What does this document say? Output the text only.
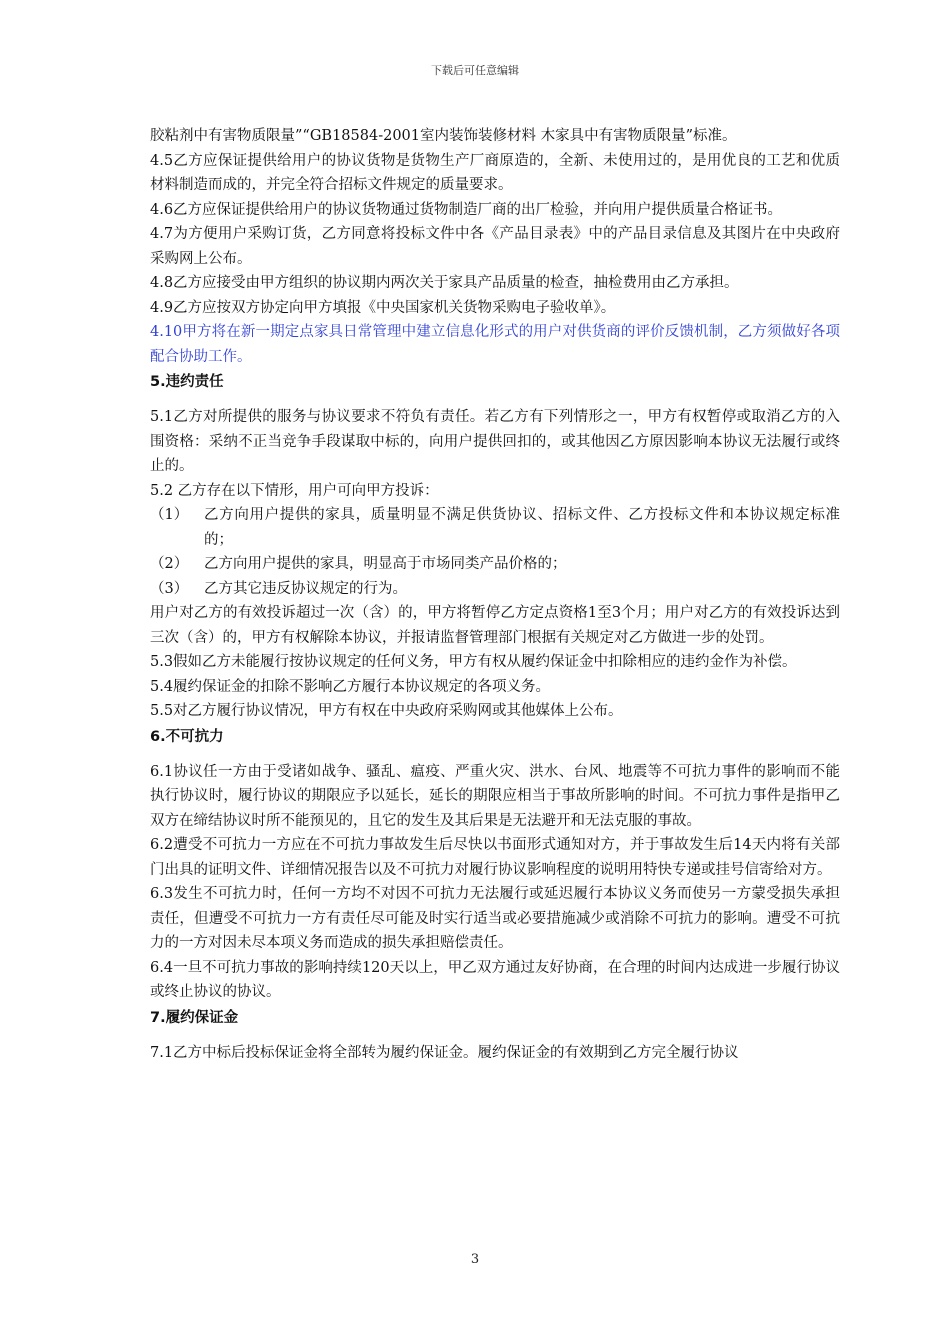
下载后可任意编辑

胶粘剂中有害物质限量”“GB18584-2001室内装饰装修材料 木家具中有害物质限量”标准。

4.5乙方应保证提供给用户的协议货物是货物生产厂商原造的，全新、未使用过的，是用优良的工艺和优质材料制造而成的，并完全符合招标文件规定的质量要求。

4.6乙方应保证提供给用户的协议货物通过货物制造厂商的出厂检验，并向用户提供质量合格证书。

4.7为方便用户采购订货，乙方同意将投标文件中各《产品目录表》中的产品目录信息及其图片在中央政府采购网上公布。

4.8乙方应接受由甲方组织的协议期内两次关于家具产品质量的检查，抽检费用由乙方承担。

4.9乙方应按双方协定向甲方填报《中央国家机关货物采购电子验收单》。

4.10甲方将在新一期定点家具日常管理中建立信息化形式的用户对供货商的评价反馈机制，乙方须做好各项配合协助工作。

5.违约责任

5.1乙方对所提供的服务与协议要求不符负有责任。若乙方有下列情形之一，甲方有权暂停或取消乙方的入围资格：采纳不正当竞争手段谋取中标的，向用户提供回扣的，或其他因乙方原因影响本协议无法履行或终止的。

5.2 乙方存在以下情形，用户可向甲方投诉：

（1）	乙方向用户提供的家具，质量明显不满足供货协议、招标文件、乙方投标文件和本协议规定标准的；
（2）	乙方向用户提供的家具，明显高于市场同类产品价格的；
（3）	乙方其它违反协议规定的行为。

用户对乙方的有效投诉超过一次（含）的，甲方将暂停乙方定点资格1至3个月；用户对乙方的有效投诉达到三次（含）的，甲方有权解除本协议，并报请监督管理部门根据有关规定对乙方做进一步的处罚。

5.3假如乙方未能履行按协议规定的任何义务，甲方有权从履约保证金中扣除相应的违约金作为补偿。

5.4履约保证金的扣除不影响乙方履行本协议规定的各项义务。

5.5对乙方履行协议情况，甲方有权在中央政府采购网或其他媒体上公布。

6.不可抗力

6.1协议任一方由于受诸如战争、骚乱、瘟疫、严重火灾、洪水、台风、地震等不可抗力事件的影响而不能执行协议时，履行协议的期限应予以延长，延长的期限应相当于事故所影响的时间。不可抗力事件是指甲乙双方在缔结协议时所不能预见的，且它的发生及其后果是无法避开和无法克服的事故。

6.2遭受不可抗力一方应在不可抗力事故发生后尽快以书面形式通知对方，并于事故发生后14天内将有关部门出具的证明文件、详细情况报告以及不可抗力对履行协议影响程度的说明用特快专递或挂号信寄给对方。

6.3发生不可抗力时，任何一方均不对因不可抗力无法履行或延迟履行本协议义务而使另一方蒙受损失承担责任，但遭受不可抗力一方有责任尽可能及时实行适当或必要措施减少或消除不可抗力的影响。遭受不可抗力的一方对因未尽本项义务而造成的损失承担赔偿责任。

6.4一旦不可抗力事故的影响持续120天以上，甲乙双方通过友好协商，在合理的时间内达成进一步履行协议或终止协议的协议。

7.履约保证金

7.1乙方中标后投标保证金将全部转为履约保证金。履约保证金的有效期到乙方完全履行协议

3
